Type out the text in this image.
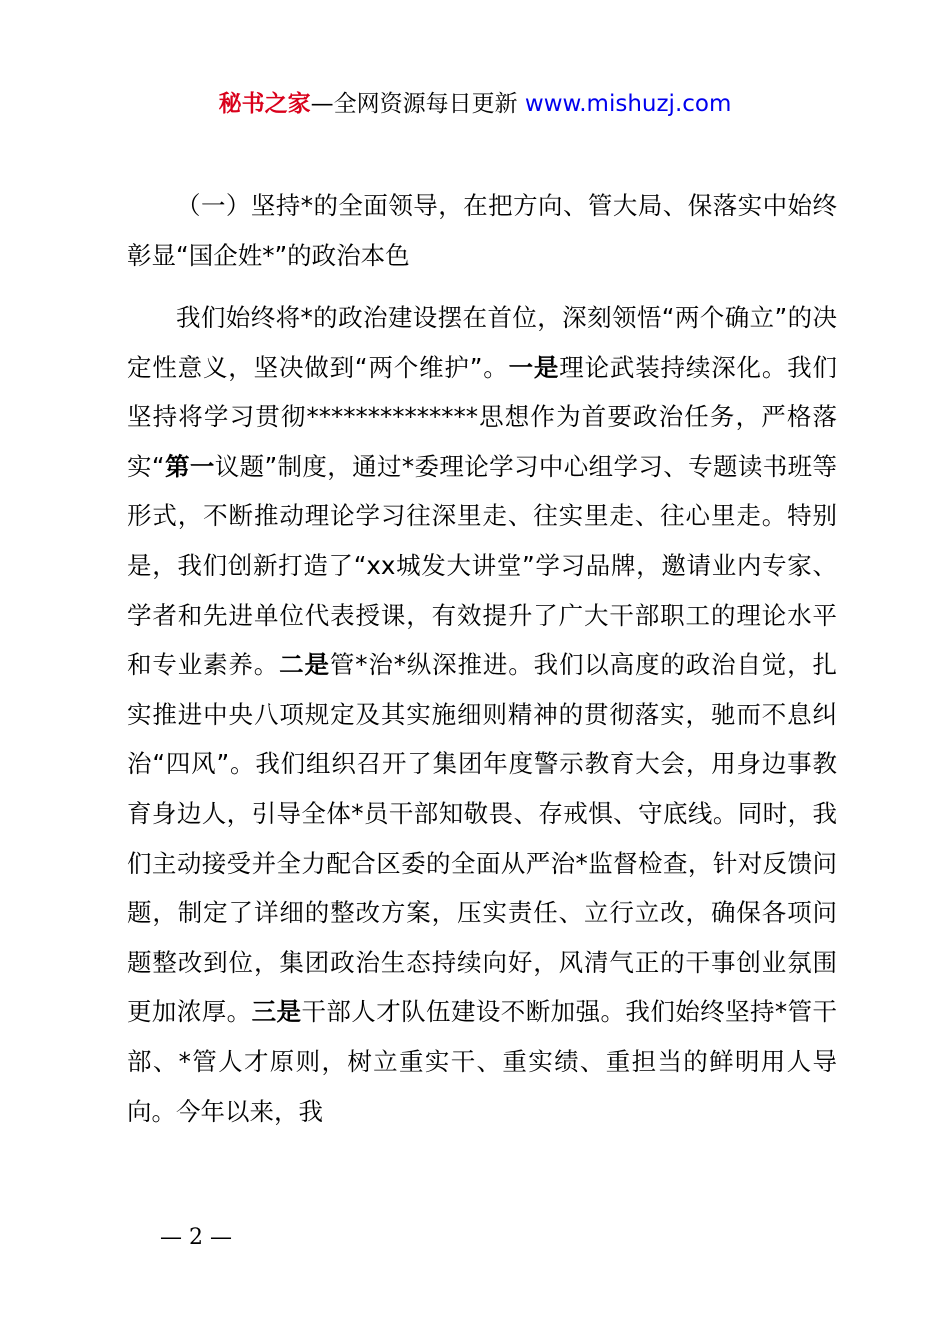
秘书之家—全网资源每日更新 www.mishuzj.com

（一）坚持*的全面领导，在把方向、管大局、保落实中始终彰显“国企姓*”的政治本色

我们始终将*的政治建设摆在首位，深刻领悟“两个确立”的决定性意义，坚决做到“两个维护”。一是理论武装持续深化。我们坚持将学习贯彻**************思想作为首要政治任务，严格落实“第一议题”制度，通过*委理论学习中心组学习、专题读书班等形式，不断推动理论学习往深里走、往实里走、往心里走。特别是，我们创新打造了“xx城发大讲堂”学习品牌，邀请业内专家、学者和先进单位代表授课，有效提升了广大干部职工的理论水平和专业素养。二是管*治*纵深推进。我们以高度的政治自觉，扎实推进中央八项规定及其实施细则精神的贯彻落实，驰而不息纠治“四风”。我们组织召开了集团年度警示教育大会，用身边事教育身边人，引导全体*员干部知敬畏、存戒惧、守底线。同时，我们主动接受并全力配合区委的全面从严治*监督检查，针对反馈问题，制定了详细的整改方案，压实责任、立行立改，确保各项问题整改到位，集团政治生态持续向好，风清气正的干事创业氛围更加浓厚。三是干部人才队伍建设不断加强。我们始终坚持*管干部、*管人才原则，树立重实干、重实绩、重担当的鲜明用人导向。今年以来，我

— 2 —
